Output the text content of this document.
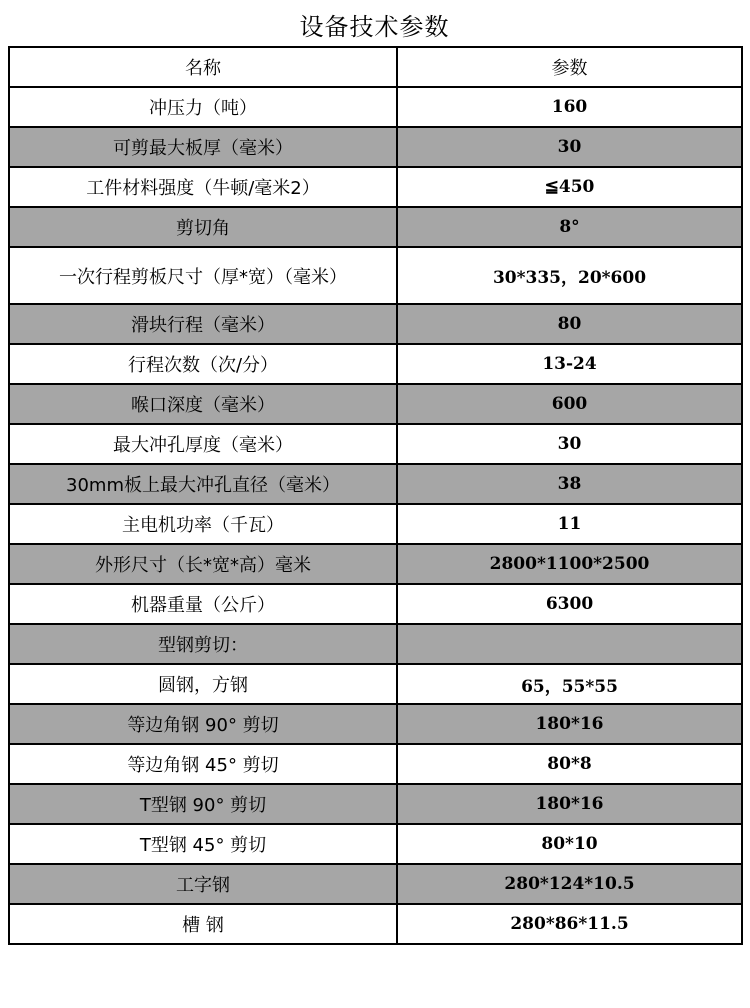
设备技术参数
名称	参数
冲压力（吨）	160
可剪最大板厚（毫米）	30
工件材料强度（牛顿/毫米2）	≦450
剪切角	8°
一次行程剪板尺寸（厚*宽）（毫米）	30*335，20*600
滑块行程（毫米）	80
行程次数（次/分）	13-24
喉口深度（毫米）	600
最大冲孔厚度（毫米）	30
30mm板上最大冲孔直径（毫米）	38
主电机功率（千瓦）	11
外形尺寸（长*宽*高）毫米	2800*1100*2500
机器重量（公斤）	6300
型钢剪切：	
圆钢，方钢	65，55*55
等边角钢 90° 剪切	180*16
等边角钢 45° 剪切	80*8
T型钢 90° 剪切	180*16
T型钢 45° 剪切	80*10
工字钢	280*124*10.5
槽 钢	280*86*11.5
